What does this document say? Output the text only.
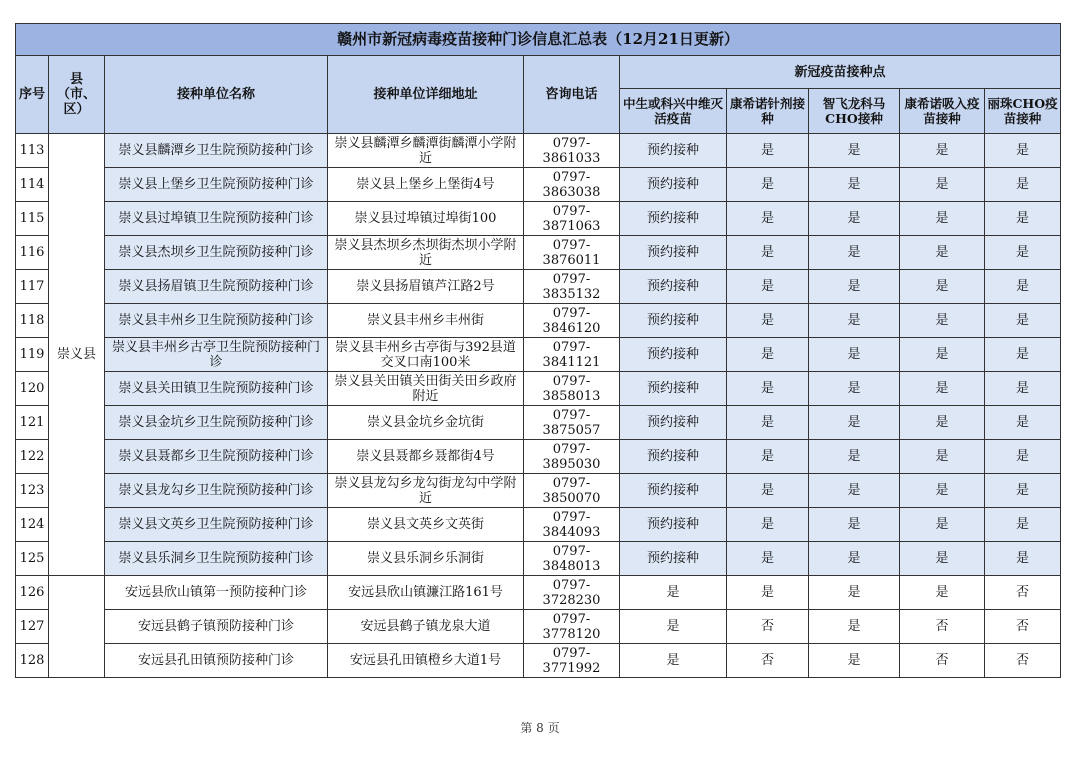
赣州市新冠病毒疫苗接种门诊信息汇总表（12月21日更新）									
序号	县（市、区）	接种单位名称	接种单位详细地址	咨询电话	新冠疫苗接种点				
					中生或科兴中维灭活疫苗	康希诺针剂接种	智飞龙科马CHO接种	康希诺吸入疫苗接种	丽珠CHO疫苗接种
113	崇义县	崇义县麟潭乡卫生院预防接种门诊	崇义县麟潭乡麟潭街麟潭小学附近	0797-3861033	预约接种	是	是	是	是
114		崇义县上堡乡卫生院预防接种门诊	崇义县上堡乡上堡街4号	0797-3863038	预约接种	是	是	是	是
115		崇义县过埠镇卫生院预防接种门诊	崇义县过埠镇过埠街100	0797-3871063	预约接种	是	是	是	是
116		崇义县杰坝乡卫生院预防接种门诊	崇义县杰坝乡杰坝街杰坝小学附近	0797-3876011	预约接种	是	是	是	是
117		崇义县扬眉镇卫生院预防接种门诊	崇义县扬眉镇芦江路2号	0797-3835132	预约接种	是	是	是	是
118		崇义县丰州乡卫生院预防接种门诊	崇义县丰州乡丰州街	0797-3846120	预约接种	是	是	是	是
119		崇义县丰州乡古亭卫生院预防接种门诊	崇义县丰州乡古亭街与392县道交叉口南100米	0797-3841121	预约接种	是	是	是	是
120		崇义县关田镇卫生院预防接种门诊	崇义县关田镇关田街关田乡政府附近	0797-3858013	预约接种	是	是	是	是
121		崇义县金坑乡卫生院预防接种门诊	崇义县金坑乡金坑街	0797-3875057	预约接种	是	是	是	是
122		崇义县聂都乡卫生院预防接种门诊	崇义县聂都乡聂都街4号	0797-3895030	预约接种	是	是	是	是
123		崇义县龙勾乡卫生院预防接种门诊	崇义县龙勾乡龙勾街龙勾中学附近	0797-3850070	预约接种	是	是	是	是
124		崇义县文英乡卫生院预防接种门诊	崇义县文英乡文英街	0797-3844093	预约接种	是	是	是	是
125		崇义县乐洞乡卫生院预防接种门诊	崇义县乐洞乡乐洞街	0797-3848013	预约接种	是	是	是	是
126		安远县欣山镇第一预防接种门诊	安远县欣山镇濂江路161号	0797-3728230	是	是	是	是	否
127		安远县鹤子镇预防接种门诊	安远县鹤子镇龙泉大道	0797-3778120	是	否	是	否	否
128		安远县孔田镇预防接种门诊	安远县孔田镇橙乡大道1号	0797-3771992	是	否	是	否	否
第 8 页
